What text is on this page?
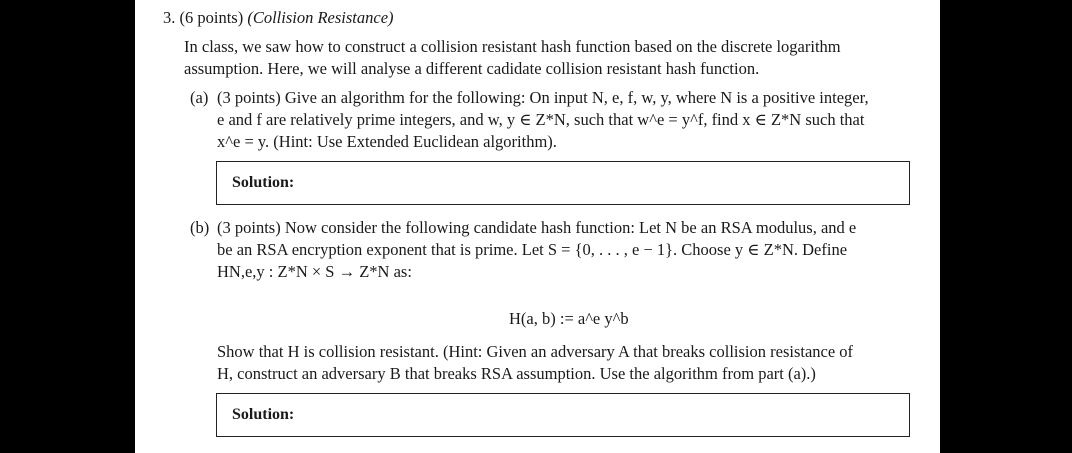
3. (6 points) (Collision Resistance)
In class, we saw how to construct a collision resistant hash function based on the discrete logarithm
assumption. Here, we will analyse a different cadidate collision resistant hash function.
(a) (3 points) Give an algorithm for the following: On input N, e, f, w, y, where N is a positive integer,
e and f are relatively prime integers, and w, y ∈ Z*N, such that w^e = y^f, find x ∈ Z*N such that
x^e = y. (Hint: Use Extended Euclidean algorithm).
Solution:
(b) (3 points) Now consider the following candidate hash function: Let N be an RSA modulus, and e
be an RSA encryption exponent that is prime. Let S = {0, . . . , e − 1}. Choose y ∈ Z*N. Define
HN,e,y : Z*N × S → Z*N as:
H(a, b) := a^e y^b
Show that H is collision resistant. (Hint: Given an adversary A that breaks collision resistance of
H, construct an adversary B that breaks RSA assumption. Use the algorithm from part (a).)
Solution:
